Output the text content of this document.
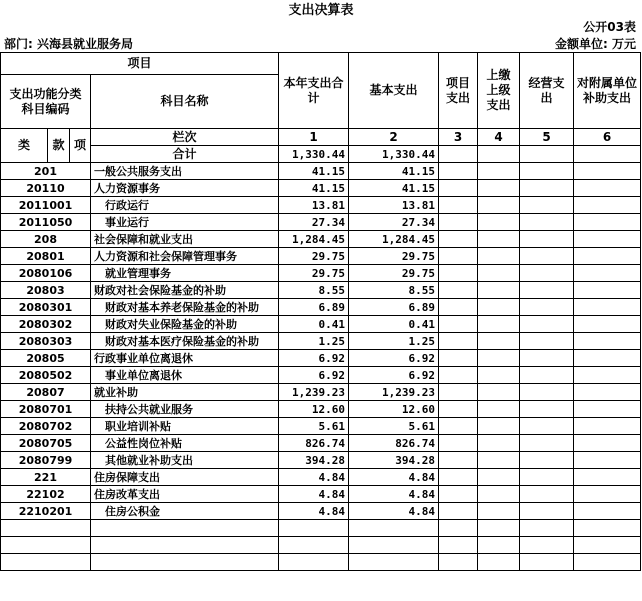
支出决算表
公开03表
部门: 兴海县就业服务局	金额单位: 万元
项目				本年支出合计	基本支出	项目支出	上缴上级支出	经营支出	对附属单位补助支出
支出功能分类科目编码			科目名称						

类	款	项	栏次	1	2	3	4	5	6
			合计	1,330.44	1,330.44				
201			一般公共服务支出	41.15	41.15				
20110			人力资源事务	41.15	41.15				
2011001			行政运行	13.81	13.81				
2011050			事业运行	27.34	27.34				
208			社会保障和就业支出	1,284.45	1,284.45				
20801			人力资源和社会保障管理事务	29.75	29.75				
2080106			就业管理事务	29.75	29.75				
20803			财政对社会保险基金的补助	8.55	8.55				
2080301			财政对基本养老保险基金的补助	6.89	6.89				
2080302			财政对失业保险基金的补助	0.41	0.41				
2080303			财政对基本医疗保险基金的补助	1.25	1.25				
20805			行政事业单位离退休	6.92	6.92				
2080502			事业单位离退休	6.92	6.92				
20807			就业补助	1,239.23	1,239.23				
2080701			扶持公共就业服务	12.60	12.60				
2080702			职业培训补贴	5.61	5.61				
2080705			公益性岗位补贴	826.74	826.74				
2080799			其他就业补助支出	394.28	394.28				
221			住房保障支出	4.84	4.84				
22102			住房改革支出	4.84	4.84				
2210201			住房公积金	4.84	4.84				
